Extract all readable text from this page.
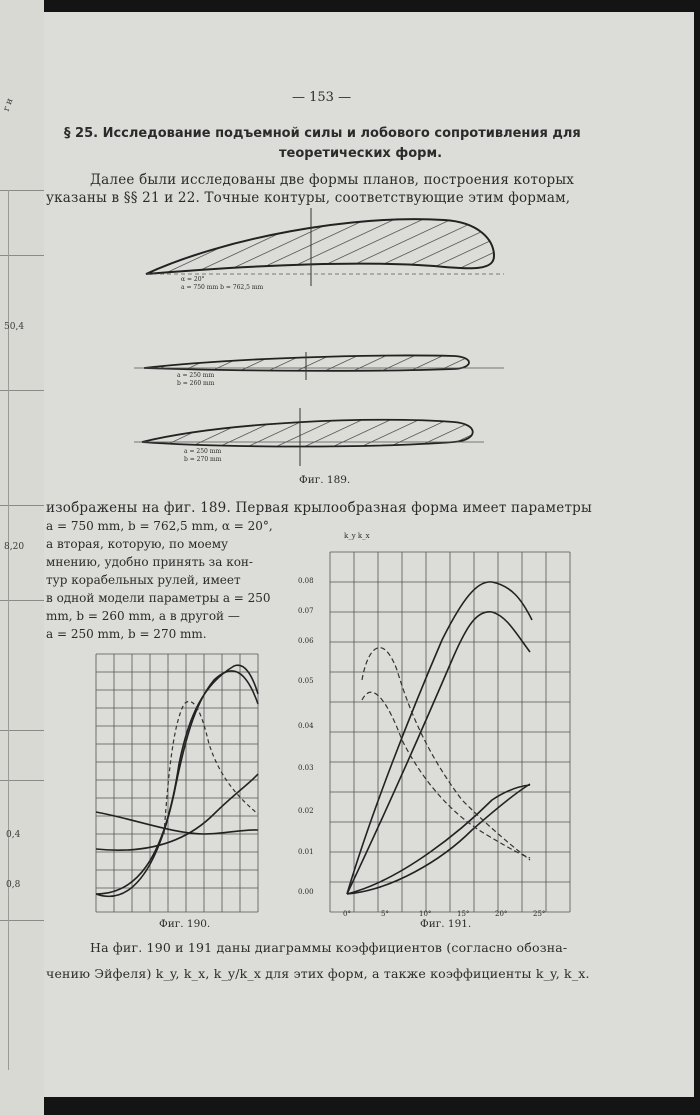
r и
50,4
8,20
0,4
0,8
— 153 —
§ 25. Исследование подъемной силы и лобового сопротивления для
теоретических форм.
Далее были исследованы две формы планов, построения которых
указаны в §§ 21 и 22. Точные контуры, соответствующие этим формам,
α = 20°
a = 750 mm b = 762,5 mm
a = 250 mm
b = 260 mm
a = 250 mm
b = 270 mm
Фиг. 189.
изображены на фиг. 189. Первая крылообразная форма имеет параметры
a = 750 mm, b = 762,5 mm, α = 20°,
а вторая, которую, по моему
мнению, удобно принять за кон-
тур корабельных рулей, имеет
в одной модели параметры a = 250
mm, b = 260 mm, а в другой —
a = 250 mm, b = 270 mm.
Фиг. 190.
k_y k_x
0.08
0.07
0.06
0.05
0.04
0.03
0.02
0.01
0.00
0°	5°	10°	15°	20°	25°
Фиг. 191.
На фиг. 190 и 191 даны диаграммы коэффициентов (согласно обозна-
чению Эйфеля) k_y, k_x, k_y/k_x для этих форм, а также коэффициенты k_y, k_x.
